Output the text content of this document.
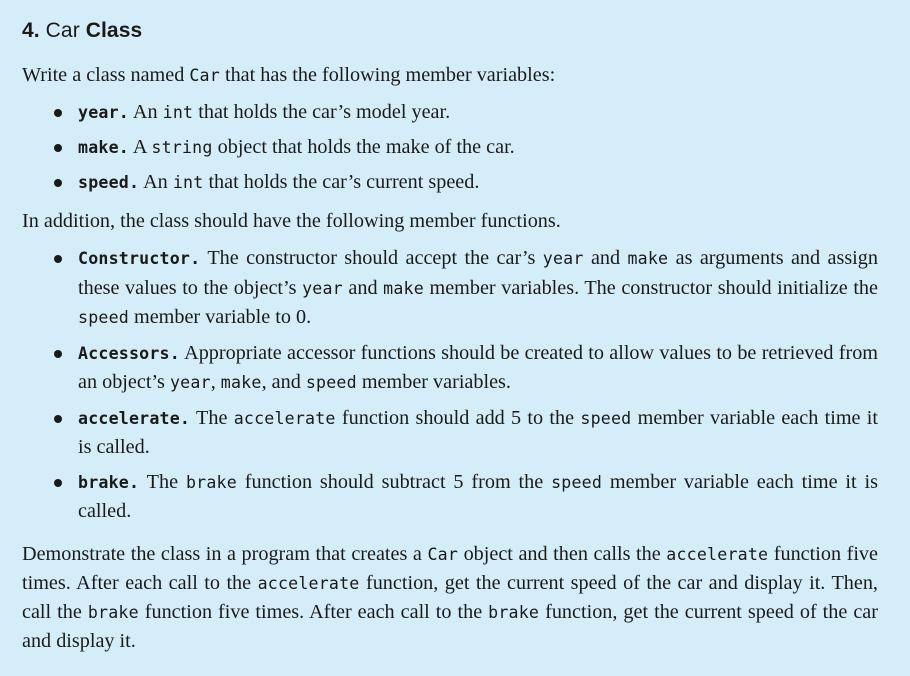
4. Car Class

Write a class named Car that has the following member variables:

year. An int that holds the car’s model year.
make. A string object that holds the make of the car.
speed. An int that holds the car’s current speed.

In addition, the class should have the following member functions.

Constructor. The constructor should accept the car’s year and make as arguments and assign these values to the object’s year and make member variables. The constructor should initialize the speed member variable to 0.
Accessors. Appropriate accessor functions should be created to allow values to be retrieved from an object’s year, make, and speed member variables.
accelerate. The accelerate function should add 5 to the speed member variable each time it is called.
brake. The brake function should subtract 5 from the speed member variable each time it is called.

Demonstrate the class in a program that creates a Car object and then calls the accelerate function five times. After each call to the accelerate function, get the current speed of the car and display it. Then, call the brake function five times. After each call to the brake function, get the current speed of the car and display it.
